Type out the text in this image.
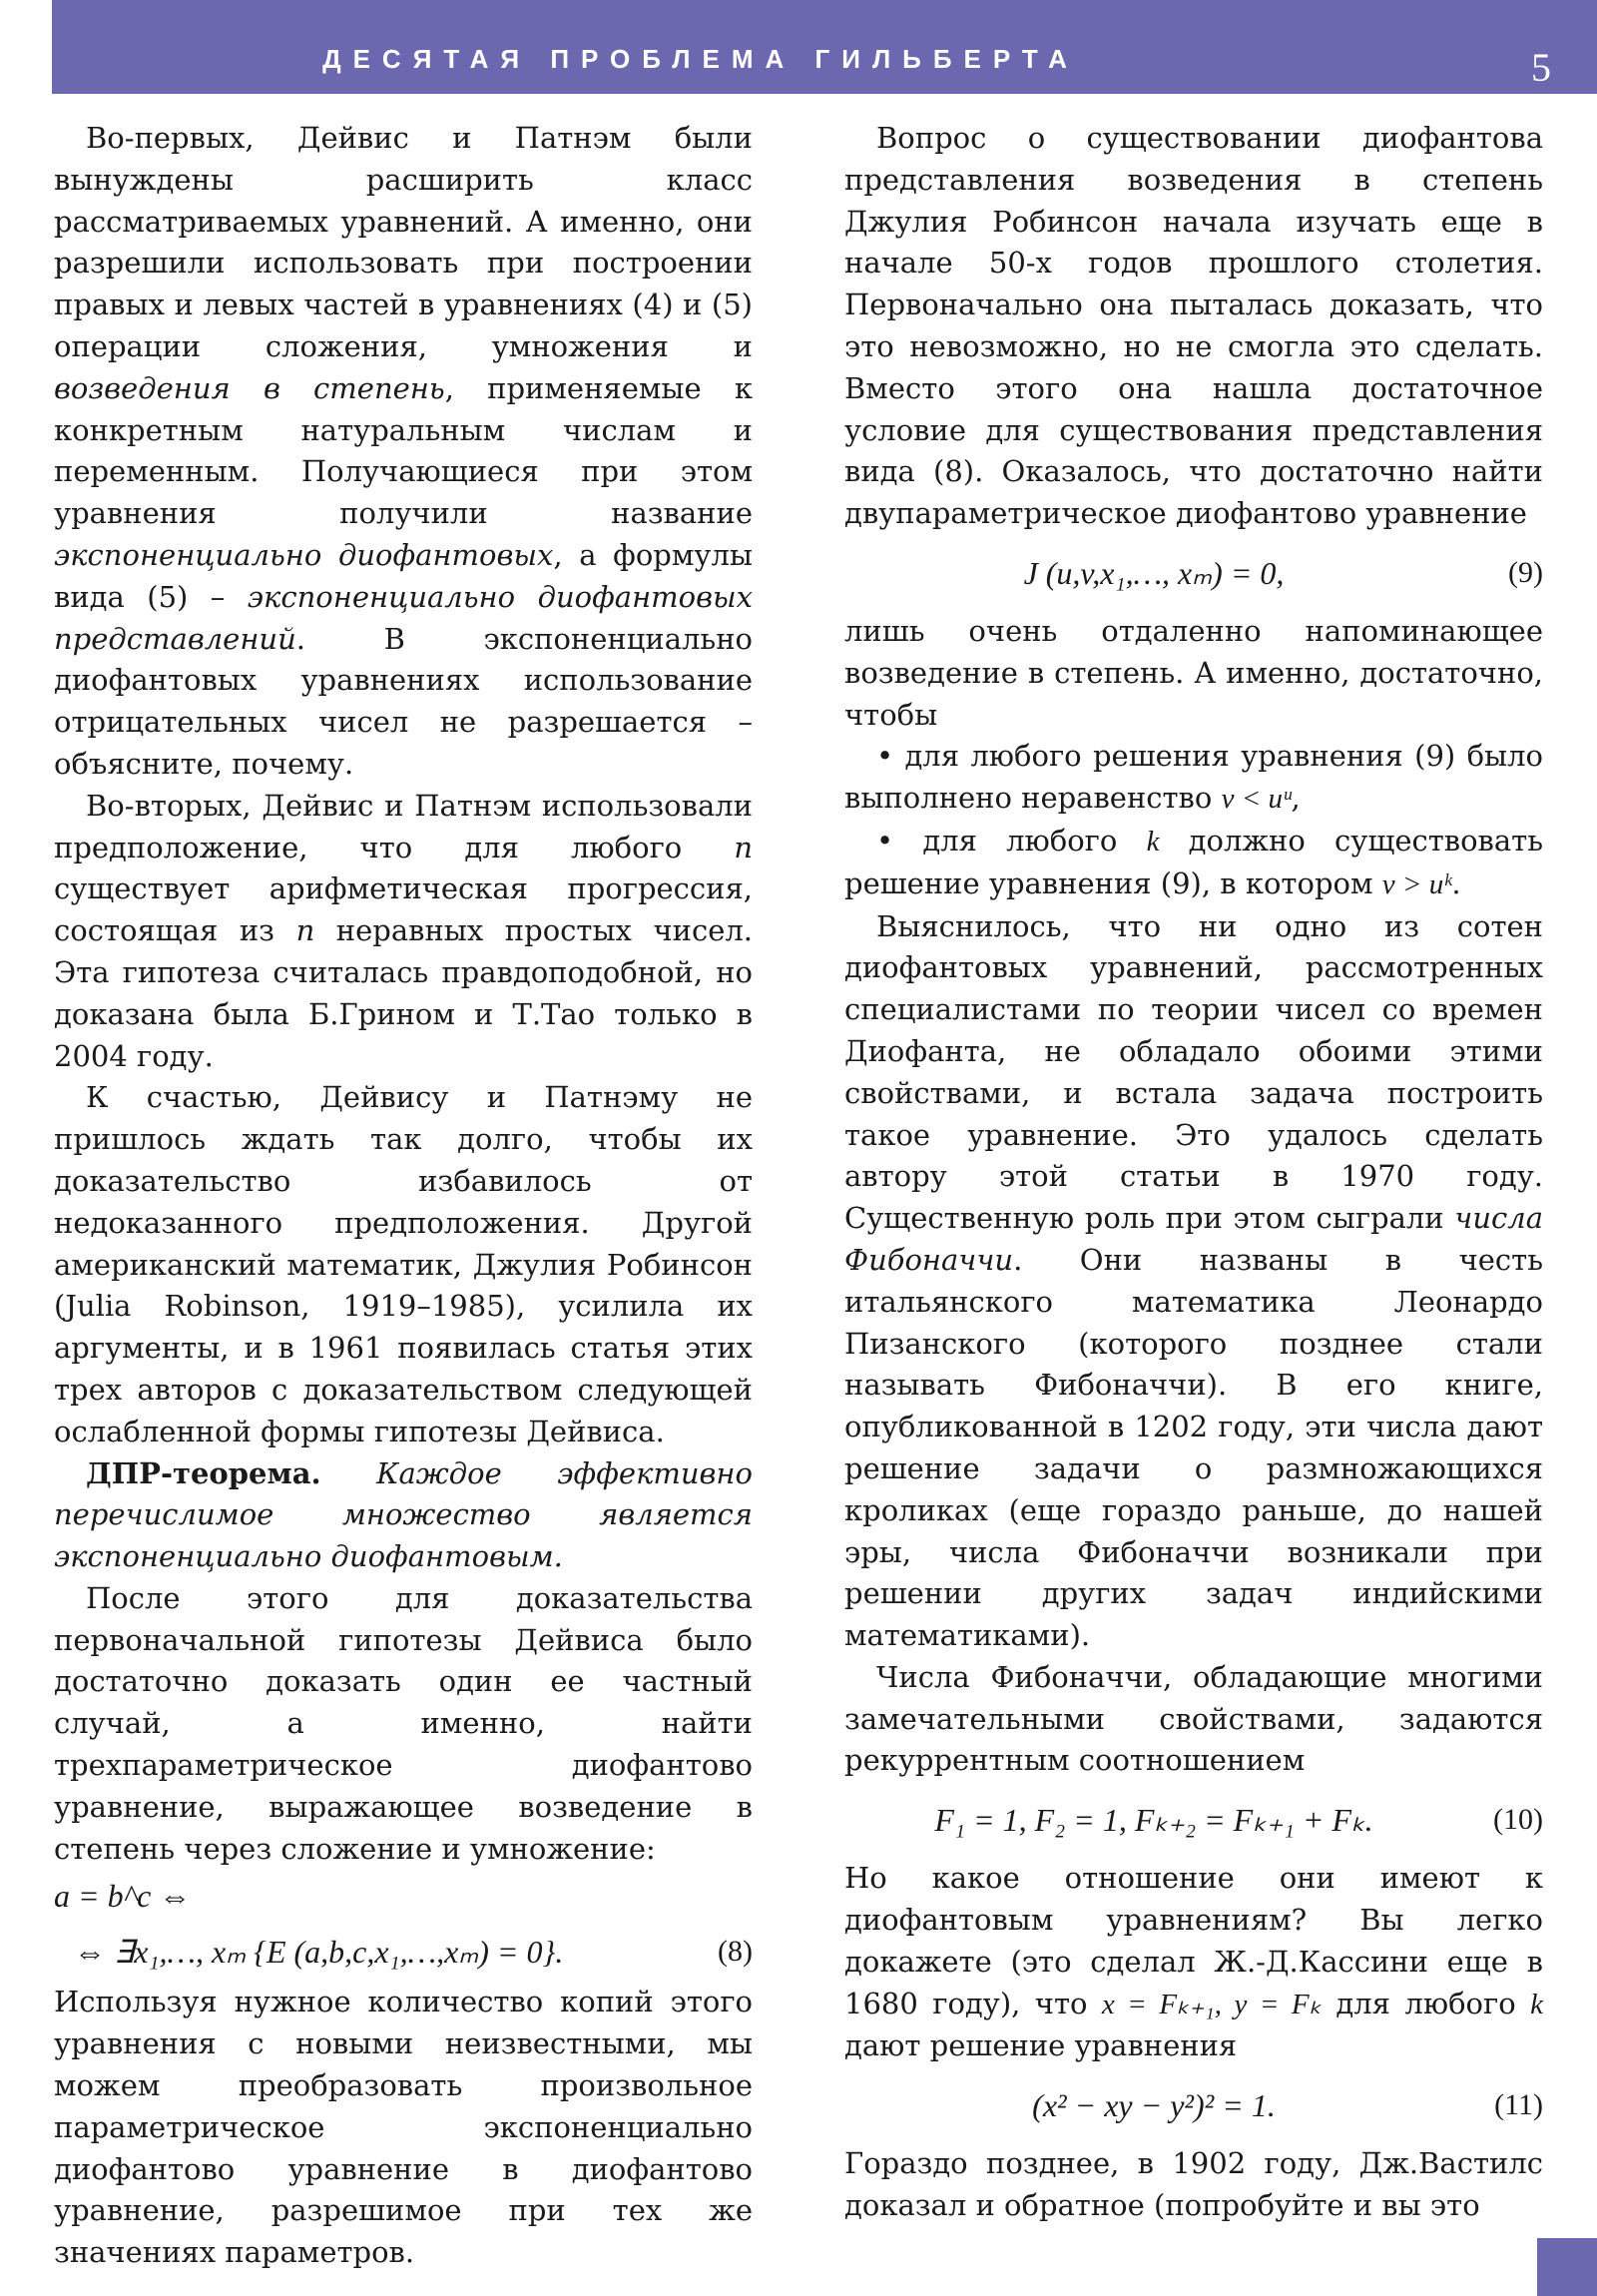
ДЕСЯТАЯ ПРОБЛЕМА ГИЛЬБЕРТА	5

Во-первых, Дейвис и Патнэм были вынуждены расширить класс рассматриваемых уравнений. А именно, они разрешили использовать при построении правых и левых частей в уравнениях (4) и (5) операции сложения, умножения и возведения в степень, применяемые к конкретным натуральным числам и переменным. Получающиеся при этом уравнения получили название экспоненциально диофантовых, а формулы вида (5) – экспоненциально диофантовых представлений. В экспоненциально диофантовых уравнениях использование отрицательных чисел не разрешается – объясните, почему.

Во-вторых, Дейвис и Патнэм использовали предположение, что для любого n существует арифметическая прогрессия, состоящая из n неравных простых чисел. Эта гипотеза считалась правдоподобной, но доказана была Б.Грином и Т.Тао только в 2004 году.

К счастью, Дейвису и Патнэму не пришлось ждать так долго, чтобы их доказательство избавилось от недоказанного предположения. Другой американский математик, Джулия Робинсон (Julia Robinson, 1919–1985), усилила их аргументы, и в 1961 появилась статья этих трех авторов с доказательством следующей ослабленной формы гипотезы Дейвиса.

ДПР-теорема. Каждое эффективно перечислимое множество является экспоненциально диофантовым.

После этого для доказательства первоначальной гипотезы Дейвиса было достаточно доказать один ее частный случай, а именно, найти трехпараметрическое диофантово уравнение, выражающее возведение в степень через сложение и умножение:

a = b^c ⇔
⇔ ∃x₁,…, xₘ {E (a,b,c,x₁,…,xₘ) = 0}.	(8)

Используя нужное количество копий этого уравнения с новыми неизвестными, мы можем преобразовать произвольное параметрическое экспоненциально диофантово уравнение в диофантово уравнение, разрешимое при тех же значениях параметров.

Вопрос о существовании диофантова представления возведения в степень Джулия Робинсон начала изучать еще в начале 50-х годов прошлого столетия. Первоначально она пыталась доказать, что это невозможно, но не смогла это сделать. Вместо этого она нашла достаточное условие для существования представления вида (8). Оказалось, что достаточно найти двупараметрическое диофантово уравнение

J (u,v,x₁,…, xₘ) = 0,	(9)

лишь очень отдаленно напоминающее возведение в степень. А именно, достаточно, чтобы

• для любого решения уравнения (9) было выполнено неравенство v < uᵘ,

• для любого k должно существовать решение уравнения (9), в котором v > uᵏ.

Выяснилось, что ни одно из сотен диофантовых уравнений, рассмотренных специалистами по теории чисел со времен Диофанта, не обладало обоими этими свойствами, и встала задача построить такое уравнение. Это удалось сделать автору этой статьи в 1970 году. Существенную роль при этом сыграли числа Фибоначчи. Они названы в честь итальянского математика Леонардо Пизанского (которого позднее стали называть Фибоначчи). В его книге, опубликованной в 1202 году, эти числа дают решение задачи о размножающихся кроликах (еще гораздо раньше, до нашей эры, числа Фибоначчи возникали при решении других задач индийскими математиками).

Числа Фибоначчи, обладающие многими замечательными свойствами, задаются рекуррентным соотношением

F₁ = 1, F₂ = 1, Fₖ₊₂ = Fₖ₊₁ + Fₖ.	(10)

Но какое отношение они имеют к диофантовым уравнениям? Вы легко докажете (это сделал Ж.-Д.Кассини еще в 1680 году), что x = Fₖ₊₁, y = Fₖ для любого k дают решение уравнения

(x² − xy − y²)² = 1.	(11)

Гораздо позднее, в 1902 году, Дж.Вастилс доказал и обратное (попробуйте и вы это
